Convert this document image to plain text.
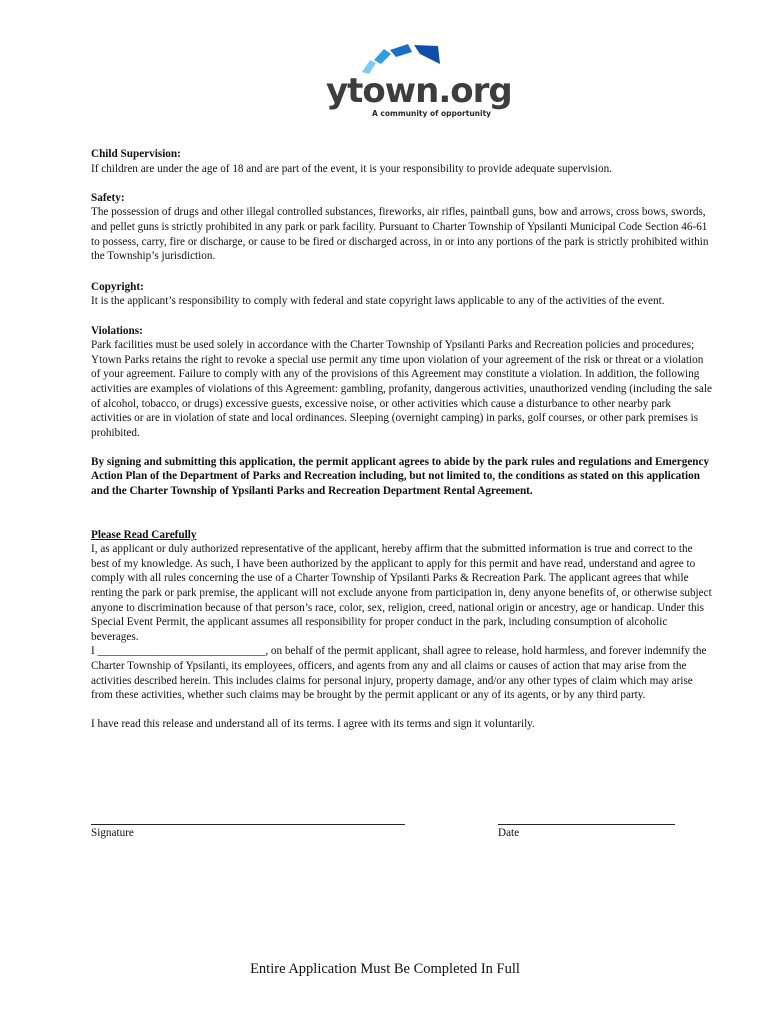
ytown.org
A community of opportunity

Child Supervision:

If children are under the age of 18 and are part of the event, it is your responsibility to provide adequate supervision.

Safety:

The possession of drugs and other illegal controlled substances, fireworks, air rifles, paintball guns, bow and arrows, cross bows, swords, and pellet guns is strictly prohibited in any park or park facility. Pursuant to Charter Township of Ypsilanti Municipal Code Section 46-61 to possess, carry, fire or discharge, or cause to be fired or discharged across, in or into any portions of the park is strictly prohibited within the Township’s jurisdiction.

Copyright:

It is the applicant’s responsibility to comply with federal and state copyright laws applicable to any of the activities of the event.

Violations:

Park facilities must be used solely in accordance with the Charter Township of Ypsilanti Parks and Recreation policies and procedures; Ytown Parks retains the right to revoke a special use permit any time upon violation of your agreement of the risk or threat or a violation of your agreement. Failure to comply with any of the provisions of this Agreement may constitute a violation. In addition, the following activities are examples of violations of this Agreement: gambling, profanity, dangerous activities, unauthorized vending (including the sale of alcohol, tobacco, or drugs) excessive guests, excessive noise, or other activities which cause a disturbance to other nearby park activities or are in violation of state and local ordinances. Sleeping (overnight camping) in parks, golf courses, or other park premises is prohibited.

By signing and submitting this application, the permit applicant agrees to abide by the park rules and regulations and Emergency Action Plan of the Department of Parks and Recreation including, but not limited to, the conditions as stated on this application and the Charter Township of Ypsilanti Parks and Recreation Department Rental Agreement.

Please Read Carefully

I, as applicant or duly authorized representative of the applicant, hereby affirm that the submitted information is true and correct to the best of my knowledge. As such, I have been authorized by the applicant to apply for this permit and have read, understand and agree to comply with all rules concerning the use of a Charter Township of Ypsilanti Parks & Recreation Park. The applicant agrees that while renting the park or park premise, the applicant will not exclude anyone from participation in, deny anyone benefits of, or otherwise subject anyone to discrimination because of that person’s race, color, sex, religion, creed, national origin or ancestry, age or handicap. Under this Special Event Permit, the applicant assumes all responsibility for proper conduct in the park, including consumption of alcoholic beverages.

I ______________________________, on behalf of the permit applicant, shall agree to release, hold harmless, and forever indemnify the Charter Township of Ypsilanti, its employees, officers, and agents from any and all claims or causes of action that may arise from the activities described herein. This includes claims for personal injury, property damage, and/or any other types of claim which may arise from these activities, whether such claims may be brought by the permit applicant or any of its agents, or by any third party.

I have read this release and understand all of its terms. I agree with its terms and sign it voluntarily.

Signature	Date
Entire Application Must Be Completed In Full
